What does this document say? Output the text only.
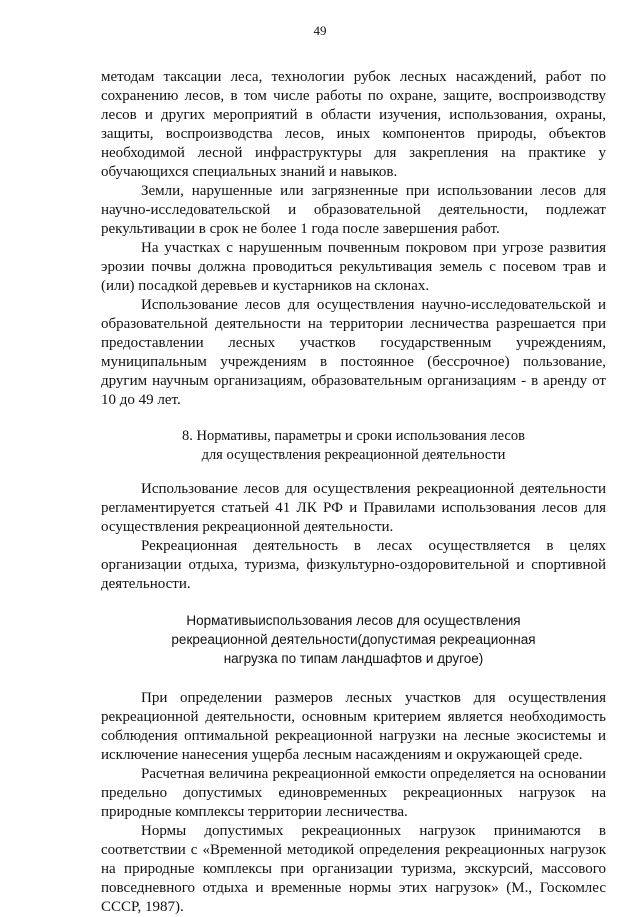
49

методам таксации леса, технологии рубок лесных насаждений, работ по сохранению лесов, в том числе работы по охране, защите, воспроизводству лесов и других мероприятий в области изучения, использования, охраны, защиты, воспроизводства лесов, иных компонентов природы, объектов необходимой лесной инфраструктуры для закрепления на практике у обучающихся специальных знаний и навыков.

Земли, нарушенные или загрязненные при использовании лесов для научно-исследовательской и образовательной деятельности, подлежат рекультивации в срок не более 1 года после завершения работ.

На участках с нарушенным почвенным покровом при угрозе развития эрозии почвы должна проводиться рекультивация земель с посевом трав и (или) посадкой деревьев и кустарников на склонах.

Использование лесов для осуществления научно-исследовательской и образовательной деятельности на территории лесничества разрешается при предоставлении лесных участков государственным учреждениям, муниципальным учреждениям в постоянное (бессрочное) пользование, другим научным организациям, образовательным организациям - в аренду от 10 до 49 лет.

8. Нормативы, параметры и сроки использования лесов
для осуществления рекреационной деятельности

Использование лесов для осуществления рекреационной деятельности регламентируется статьей 41 ЛК РФ и Правилами использования лесов для осуществления рекреационной деятельности.

Рекреационная деятельность в лесах осуществляется в целях организации отдыха, туризма, физкультурно-оздоровительной и спортивной деятельности.

Нормативыиспользования лесов для осуществления
рекреационной деятельности(допустимая рекреационная
нагрузка по типам ландшафтов и другое)

При определении размеров лесных участков для осуществления рекреационной деятельности, основным критерием является необходимость соблюдения оптимальной рекреационной нагрузки на лесные экосистемы и исключение нанесения ущерба лесным насаждениям и окружающей среде.

Расчетная величина рекреационной емкости определяется на основании предельно допустимых единовременных рекреационных нагрузок на природные комплексы территории лесничества.

Нормы допустимых рекреационных нагрузок принимаются в соответствии с «Временной методикой определения рекреационных нагрузок на природные комплексы при организации туризма, экскурсий, массового повседневного отдыха и временные нормы этих нагрузок» (М., Госкомлес СССР, 1987).
